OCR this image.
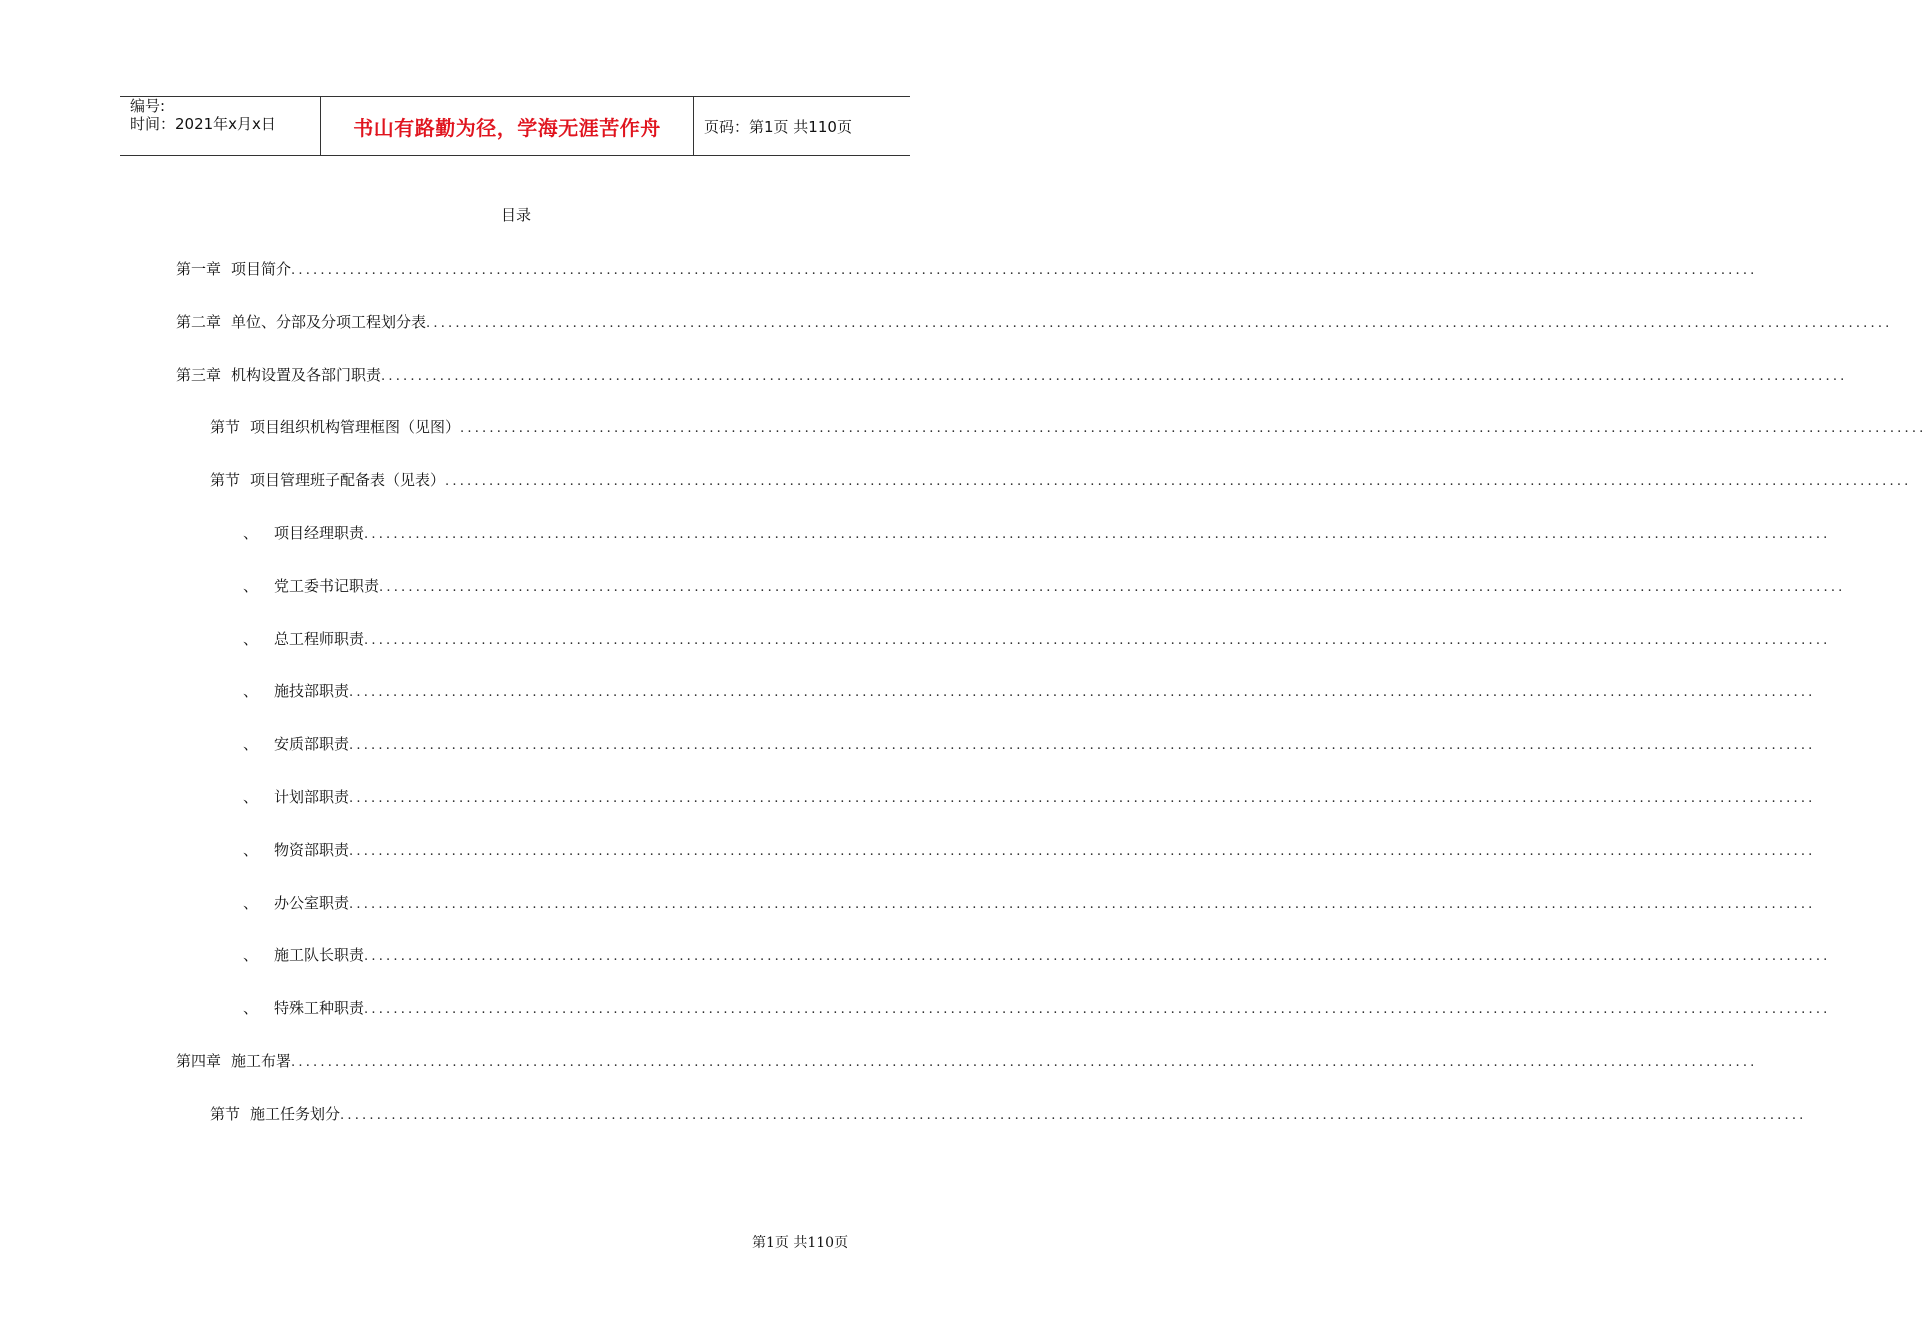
编号:
时间：2021年x月x日	书山有路勤为径，学海无涯苦作舟	页码：第1页 共110页
目录
第一章 项目简介 ........................................................................................................................................................................................................
第二章 单位、分部及分项工程划分表 ........................................................................................................................................................................................................
第三章 机构设置及各部门职责 ........................................................................................................................................................................................................
第节 项目组织机构管理框图（见图） ........................................................................................................................................................................................................
第节 项目管理班子配备表（见表） ........................................................................................................................................................................................................
、 项目经理职责 ........................................................................................................................................................................................................
、 党工委书记职责 ........................................................................................................................................................................................................
、 总工程师职责 ........................................................................................................................................................................................................
、 施技部职责 ........................................................................................................................................................................................................
、 安质部职责 ........................................................................................................................................................................................................
、 计划部职责 ........................................................................................................................................................................................................
、 物资部职责 ........................................................................................................................................................................................................
、 办公室职责 ........................................................................................................................................................................................................
、 施工队长职责 ........................................................................................................................................................................................................
、 特殊工种职责 ........................................................................................................................................................................................................
第四章 施工布署 ........................................................................................................................................................................................................
第节 施工任务划分 ........................................................................................................................................................................................................
第1页 共110页
